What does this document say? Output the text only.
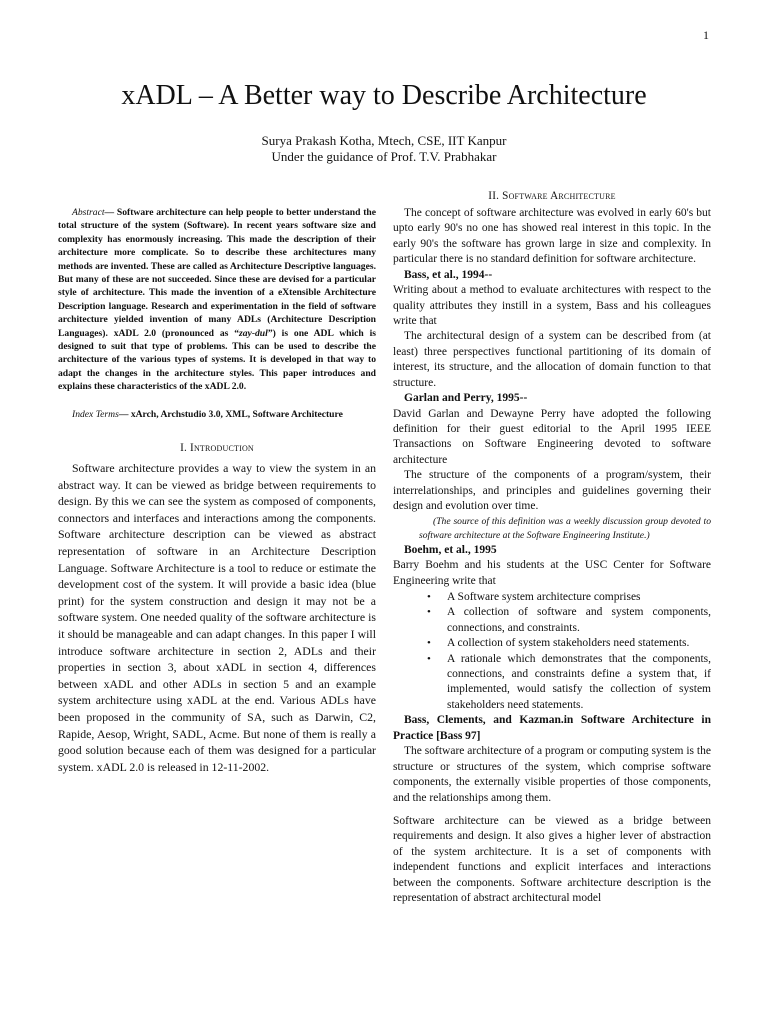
1
xADL – A Better way to Describe Architecture
Surya Prakash Kotha, Mtech, CSE, IIT Kanpur
Under the guidance of Prof. T.V. Prabhakar

Abstract— Software architecture can help people to better understand the total structure of the system (Software). In recent years software size and complexity has enormously increasing. This made the description of their architecture more complicate. So to describe these architectures many methods are invented. These are called as Architecture Descriptive languages. But many of these are not succeeded. Since these are devised for a particular style of architecture. This made the invention of a eXtensible Architecture Description language. Research and experimentation in the field of software architecture yielded invention of many ADLs (Architecture Description Languages). xADL 2.0 (pronounced as “zay-dul”) is one ADL which is designed to suit that type of problems. This can be used to describe the architecture of the various types of systems. It is developed in that way to adapt the changes in the architecture styles. This paper introduces and explains these characteristics of the xADL 2.0.

Index Terms— xArch, Archstudio 3.0, XML, Software Architecture

I. Introduction

Software architecture provides a way to view the system in an abstract way. It can be viewed as bridge between requirements to design. By this we can see the system as composed of components, connectors and interfaces and interactions among the components. Software architecture description can be viewed as abstract representation of software in an Architecture Description Language. Software Architecture is a tool to reduce or estimate the development cost of the system. It will provide a basic idea (blue print) for the system construction and design it may not be a software system. One needed quality of the software architecture is it should be manageable and can adapt changes. In this paper I will introduce software architecture in section 2, ADLs and their properties in section 3, about xADL in section 4, differences between xADL and other ADLs in section 5 and an example system architecture using xADL at the end. Various ADLs have been proposed in the community of SA, such as Darwin, C2, Rapide, Aesop, Wright, SADL, Acme. But none of them is really a good solution because each of them was designed for a particular system. xADL 2.0 is released in 12-11-2002.

II. Software Architecture

The concept of software architecture was evolved in early 60's but upto early 90's no one has showed real interest in this topic. In the early 90's the software has grown large in size and complexity. In particular there is no standard definition for software architecture.

Bass, et al., 1994--

Writing about a method to evaluate architectures with respect to the quality attributes they instill in a system, Bass and his colleagues write that

The architectural design of a system can be described from (at least) three perspectives functional partitioning of its domain of interest, its structure, and the allocation of domain function to that structure.

Garlan and Perry, 1995--

David Garlan and Dewayne Perry have adopted the following definition for their guest editorial to the April 1995 IEEE Transactions on Software Engineering devoted to software architecture

The structure of the components of a program/system, their interrelationships, and principles and guidelines governing their design and evolution over time.

(The source of this definition was a weekly discussion group devoted to software architecture at the Software Engineering Institute.)

Boehm, et al., 1995

Barry Boehm and his students at the USC Center for Software Engineering write that

• A Software system architecture comprises
• A collection of software and system components, connections, and constraints.
• A collection of system stakeholders need statements.
• A rationale which demonstrates that the components, connections, and constraints define a system that, if implemented, would satisfy the collection of system stakeholders need statements.

Bass, Clements, and Kazman.in Software Architecture in Practice [Bass 97]

The software architecture of a program or computing system is the structure or structures of the system, which comprise software components, the externally visible properties of those components, and the relationships among them.

Software architecture can be viewed as a bridge between requirements and design. It also gives a higher lever of abstraction of the system architecture. It is a set of components with independent functions and explicit interfaces and interactions between the components. Software architecture description is the representation of abstract architectural model
